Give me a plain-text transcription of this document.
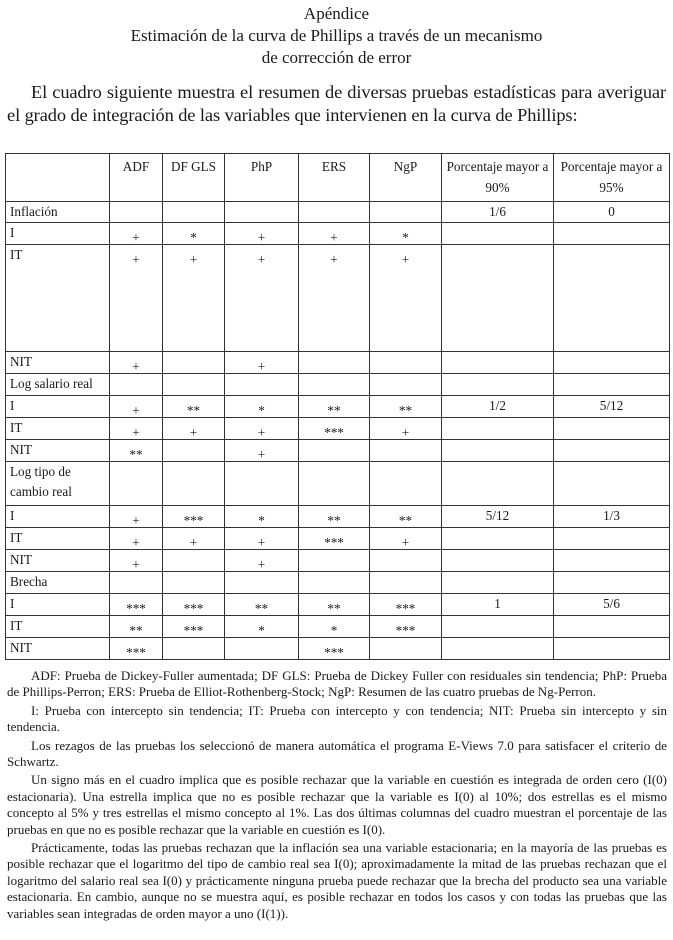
Apéndice
Estimación de la curva de Phillips a través de un mecanismo
de corrección de error

El cuadro siguiente muestra el resumen de diversas pruebas estadísticas para averiguar el grado de integración de las variables que intervienen en la curva de Phillips:

	ADF	DF GLS	PhP	ERS	NgP	Porcentaje mayor a 90%	Porcentaje mayor a 95%
Inflación						1/6	0
I	+	*	+	+	*		
IT	+	+	+	+	+		
NIT	+		+				
Log salario real							
I	+	**	*	**	**	1/2	5/12
IT	+	+	+	***	+		
NIT	**		+				
Log tipo de cambio real							
I	+	***	*	**	**	5/12	1/3
IT	+	+	+	***	+		
NIT	+		+				
Brecha							
I	***	***	**	**	***	1	5/6
IT	**	***	*	*	***		
NIT	***			***			

ADF: Prueba de Dickey-Fuller aumentada; DF GLS: Prueba de Dickey Fuller con residuales sin tendencia; PhP: Prueba de Phillips-Perron; ERS: Prueba de Elliot-Rothenberg-Stock; NgP: Resumen de las cuatro pruebas de Ng-Perron.

I: Prueba con intercepto sin tendencia; IT: Prueba con intercepto y con tendencia; NIT: Prueba sin intercepto y sin tendencia.

Los rezagos de las pruebas los seleccionó de manera automática el programa E-Views 7.0 para satisfacer el criterio de Schwartz.

Un signo más en el cuadro implica que es posible rechazar que la variable en cuestión es integrada de orden cero (I(0) estacionaria). Una estrella implica que no es posible rechazar que la variable es I(0) al 10%; dos estrellas es el mismo concepto al 5% y tres estrellas el mismo concepto al 1%. Las dos últimas columnas del cuadro muestran el porcentaje de las pruebas en que no es posible rechazar que la variable en cuestión es I(0).

Prácticamente, todas las pruebas rechazan que la inflación sea una variable estacionaria; en la mayoría de las pruebas es posible rechazar que el logaritmo del tipo de cambio real sea I(0); aproximadamente la mitad de las pruebas rechazan que el logaritmo del salario real sea I(0) y prácticamente ninguna prueba puede rechazar que la brecha del producto sea una variable estacionaria. En cambio, aunque no se muestra aquí, es posible rechazar en todos los casos y con todas las pruebas que las variables sean integradas de orden mayor a uno (I(1)).
